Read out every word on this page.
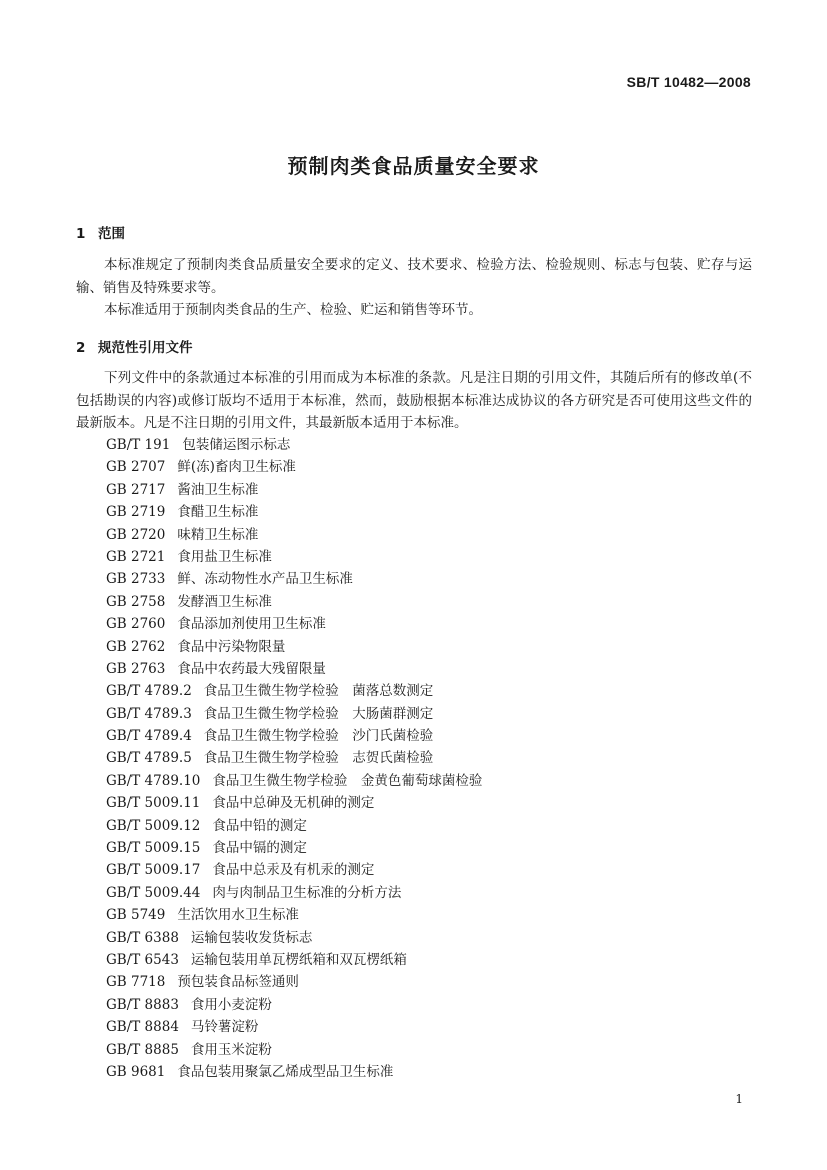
SB/T 10482—2008
预制肉类食品质量安全要求
1 范围

本标准规定了预制肉类食品质量安全要求的定义、技术要求、检验方法、检验规则、标志与包装、贮存与运输、销售及特殊要求等。

本标准适用于预制肉类食品的生产、检验、贮运和销售等环节。

2 规范性引用文件

下列文件中的条款通过本标准的引用而成为本标准的条款。凡是注日期的引用文件，其随后所有的修改单(不包括勘误的内容)或修订版均不适用于本标准，然而，鼓励根据本标准达成协议的各方研究是否可使用这些文件的最新版本。凡是不注日期的引用文件，其最新版本适用于本标准。

GB/T 191 包装储运图示标志
GB 2707 鲜(冻)畜肉卫生标准
GB 2717 酱油卫生标准
GB 2719 食醋卫生标准
GB 2720 味精卫生标准
GB 2721 食用盐卫生标准
GB 2733 鲜、冻动物性水产品卫生标准
GB 2758 发酵酒卫生标准
GB 2760 食品添加剂使用卫生标准
GB 2762 食品中污染物限量
GB 2763 食品中农药最大残留限量
GB/T 4789.2 食品卫生微生物学检验　菌落总数测定
GB/T 4789.3 食品卫生微生物学检验　大肠菌群测定
GB/T 4789.4 食品卫生微生物学检验　沙门氏菌检验
GB/T 4789.5 食品卫生微生物学检验　志贺氏菌检验
GB/T 4789.10 食品卫生微生物学检验　金黄色葡萄球菌检验
GB/T 5009.11 食品中总砷及无机砷的测定
GB/T 5009.12 食品中铅的测定
GB/T 5009.15 食品中镉的测定
GB/T 5009.17 食品中总汞及有机汞的测定
GB/T 5009.44 肉与肉制品卫生标准的分析方法
GB 5749 生活饮用水卫生标准
GB/T 6388 运输包装收发货标志
GB/T 6543 运输包装用单瓦楞纸箱和双瓦楞纸箱
GB 7718 预包装食品标签通则
GB/T 8883 食用小麦淀粉
GB/T 8884 马铃薯淀粉
GB/T 8885 食用玉米淀粉
GB 9681 食品包装用聚氯乙烯成型品卫生标准
1
